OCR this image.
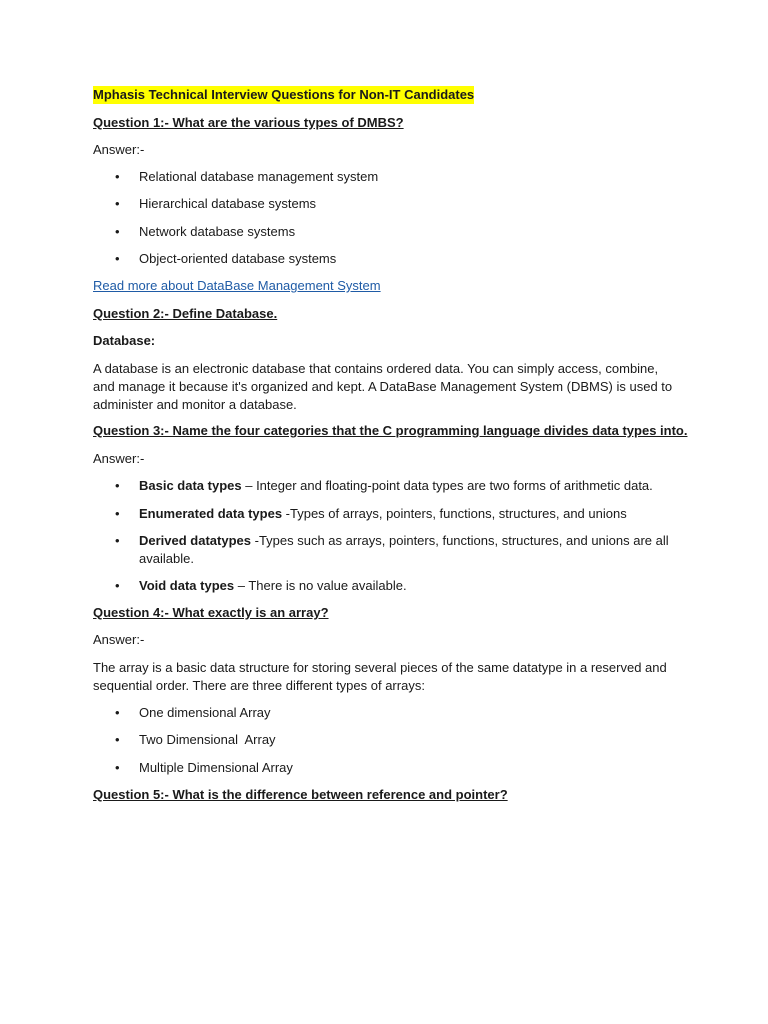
Mphasis Technical Interview Questions for Non-IT Candidates
Question 1:- What are the various types of DMBS?
Answer:-
•	Relational database management system
•	Hierarchical database systems
•	Network database systems
•	Object-oriented database systems
Read more about DataBase Management System
Question 2:- Define Database.
Database:
A database is an electronic database that contains ordered data. You can simply access, combine, and manage it because it's organized and kept. A DataBase Management System (DBMS) is used to administer and monitor a database.
Question 3:- Name the four categories that the C programming language divides data types into.
Answer:-
•	Basic data types – Integer and floating-point data types are two forms of arithmetic data.
•	Enumerated data types -Types of arrays, pointers, functions, structures, and unions
•	Derived datatypes -Types such as arrays, pointers, functions, structures, and unions are all available.
•	Void data types – There is no value available.
Question 4:- What exactly is an array?
Answer:-
The array is a basic data structure for storing several pieces of the same datatype in a reserved and sequential order. There are three different types of arrays:
•	One dimensional Array
•	Two Dimensional  Array
•	Multiple Dimensional Array
Question 5:- What is the difference between reference and pointer?
